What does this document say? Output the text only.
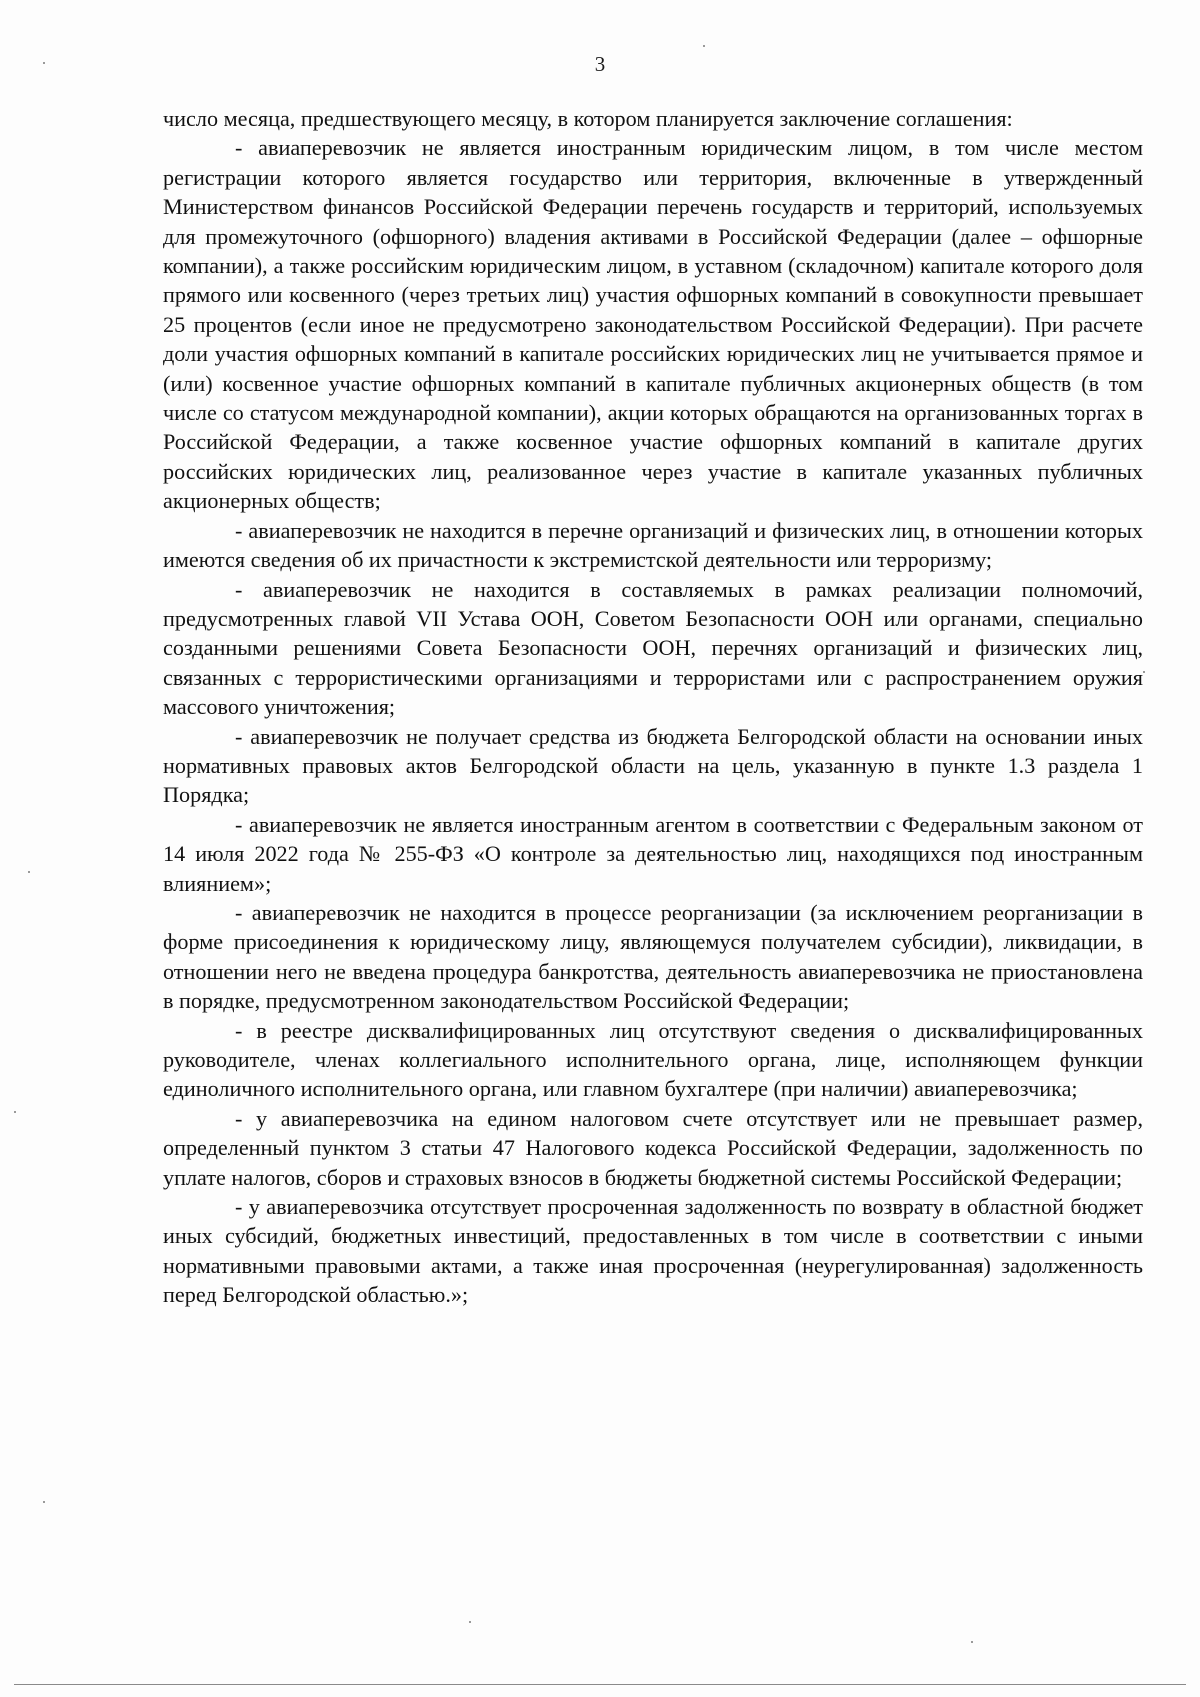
3

число месяца, предшествующего месяцу, в котором планируется заключение соглашения:

- авиаперевозчик не является иностранным юридическим лицом, в том числе местом регистрации которого является государство или территория, включенные в утвержденный Министерством финансов Российской Федерации перечень государств и территорий, используемых для промежуточного (офшорного) владения активами в Российской Федерации (далее – офшорные компании), а также российским юридическим лицом, в уставном (складочном) капитале которого доля прямого или косвенного (через третьих лиц) участия офшорных компаний в совокупности превышает 25 процентов (если иное не предусмотрено законодательством Российской Федерации). При расчете доли участия офшорных компаний в капитале российских юридических лиц не учитывается прямое и (или) косвенное участие офшорных компаний в капитале публичных акционерных обществ (в том числе со статусом международной компании), акции которых обращаются на организованных торгах в Российской Федерации, а также косвенное участие офшорных компаний в капитале других российских юридических лиц, реализованное через участие в капитале указанных публичных акционерных обществ;

- авиаперевозчик не находится в перечне организаций и физических лиц, в отношении которых имеются сведения об их причастности к экстремистской деятельности или терроризму;

- авиаперевозчик не находится в составляемых в рамках реализации полномочий, предусмотренных главой VII Устава ООН, Советом Безопасности ООН или органами, специально созданными решениями Совета Безопасности ООН, перечнях организаций и физических лиц, связанных с террористическими организациями и террористами или с распространением оружия массового уничтожения;

- авиаперевозчик не получает средства из бюджета Белгородской области на основании иных нормативных правовых актов Белгородской области на цель, указанную в пункте 1.3 раздела 1 Порядка;

- авиаперевозчик не является иностранным агентом в соответствии с Федеральным законом от 14 июля 2022 года № 255-ФЗ «О контроле за деятельностью лиц, находящихся под иностранным влиянием»;

- авиаперевозчик не находится в процессе реорганизации (за исключением реорганизации в форме присоединения к юридическому лицу, являющемуся получателем субсидии), ликвидации, в отношении него не введена процедура банкротства, деятельность авиаперевозчика не приостановлена в порядке, предусмотренном законодательством Российской Федерации;

- в реестре дисквалифицированных лиц отсутствуют сведения о дисквалифицированных руководителе, членах коллегиального исполнительного органа, лице, исполняющем функции единоличного исполнительного органа, или главном бухгалтере (при наличии) авиаперевозчика;

- у авиаперевозчика на едином налоговом счете отсутствует или не превышает размер, определенный пунктом 3 статьи 47 Налогового кодекса Российской Федерации, задолженность по уплате налогов, сборов и страховых взносов в бюджеты бюджетной системы Российской Федерации;

- у авиаперевозчика отсутствует просроченная задолженность по возврату в областной бюджет иных субсидий, бюджетных инвестиций, предоставленных в том числе в соответствии с иными нормативными правовыми актами, а также иная просроченная (неурегулированная) задолженность перед Белгородской областью.»;
